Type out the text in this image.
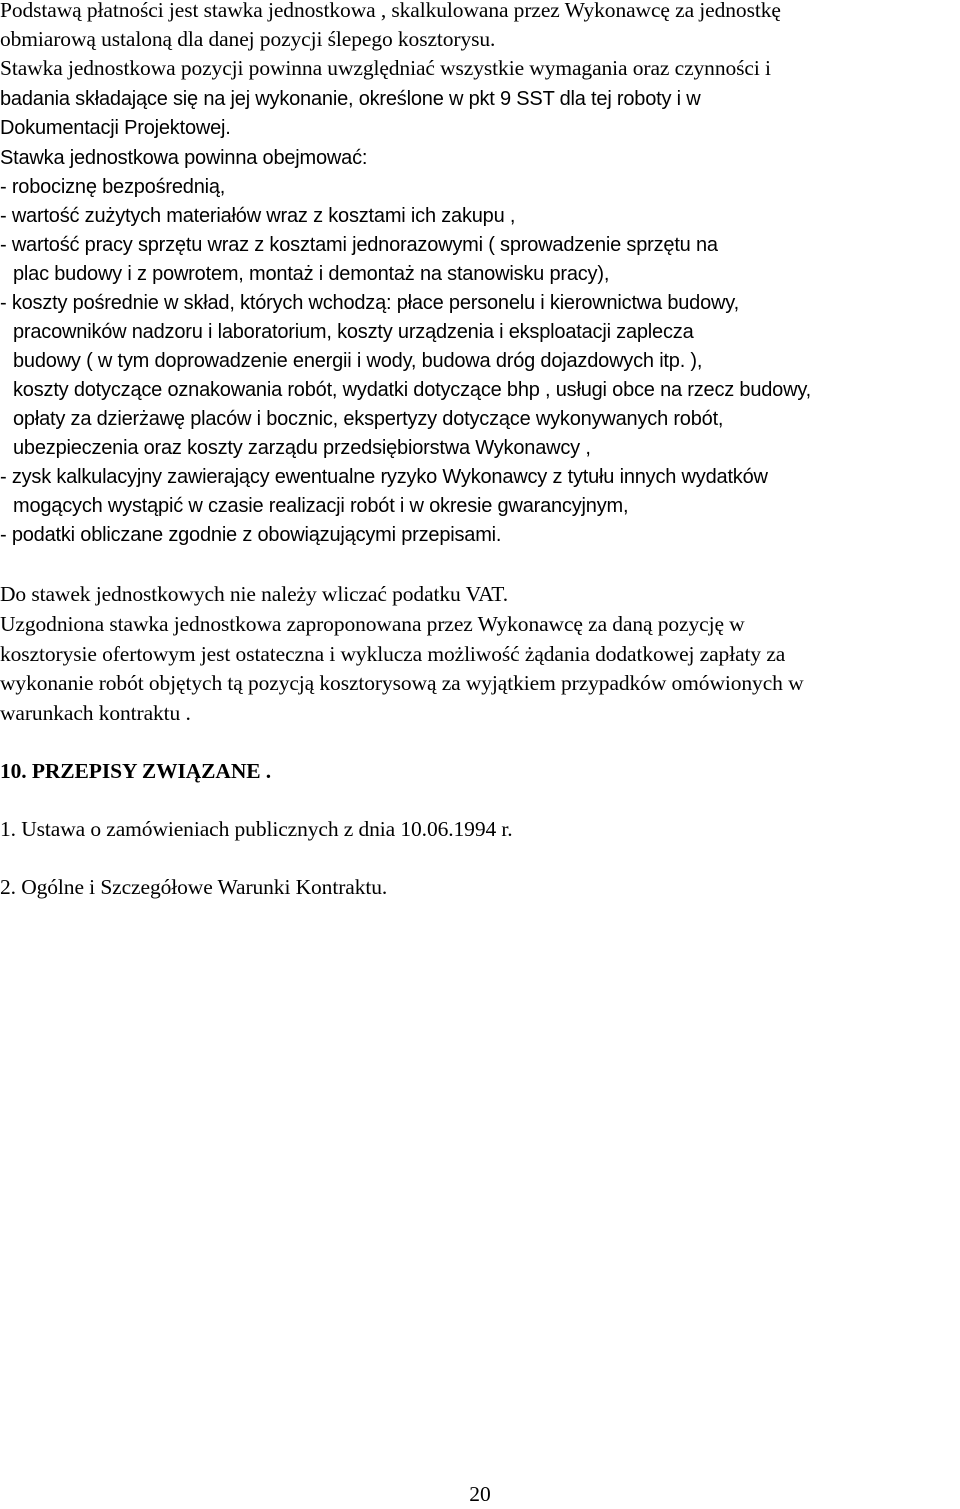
Podstawą płatności jest stawka jednostkowa , skalkulowana przez Wykonawcę za jednostkę
obmiarową ustaloną dla danej pozycji ślepego kosztorysu.
Stawka jednostkowa pozycji powinna uwzględniać wszystkie wymagania oraz czynności i
badania składające się na jej wykonanie, określone w pkt 9 SST dla tej roboty i w
Dokumentacji Projektowej.
Stawka jednostkowa powinna obejmować:
- robociznę bezpośrednią,
- wartość zużytych materiałów wraz z kosztami ich zakupu ,
- wartość pracy sprzętu wraz z kosztami jednorazowymi ( sprowadzenie sprzętu na
plac budowy i z powrotem, montaż i demontaż na stanowisku pracy),
- koszty pośrednie w skład, których wchodzą: płace personelu i kierownictwa budowy,
pracowników nadzoru i laboratorium, koszty urządzenia i eksploatacji zaplecza
budowy ( w tym doprowadzenie energii i wody, budowa dróg dojazdowych itp. ),
koszty dotyczące oznakowania robót, wydatki dotyczące bhp , usługi obce na rzecz budowy,
opłaty za dzierżawę placów i bocznic, ekspertyzy dotyczące wykonywanych robót,
ubezpieczenia oraz koszty zarządu przedsiębiorstwa Wykonawcy ,
- zysk kalkulacyjny zawierający ewentualne ryzyko Wykonawcy z tytułu innych wydatków
mogących wystąpić w czasie realizacji robót i w okresie gwarancyjnym,
- podatki obliczane zgodnie z obowiązującymi przepisami.
Do stawek jednostkowych nie należy wliczać podatku VAT.
Uzgodniona stawka jednostkowa zaproponowana przez Wykonawcę za daną pozycję w
kosztorysie ofertowym jest ostateczna i wyklucza możliwość żądania dodatkowej zapłaty za
wykonanie robót objętych tą pozycją kosztorysową za wyjątkiem przypadków omówionych w
warunkach kontraktu .
10. PRZEPISY ZWIĄZANE .
1. Ustawa o zamówieniach publicznych z dnia 10.06.1994 r.
2. Ogólne i Szczegółowe Warunki Kontraktu.
20
